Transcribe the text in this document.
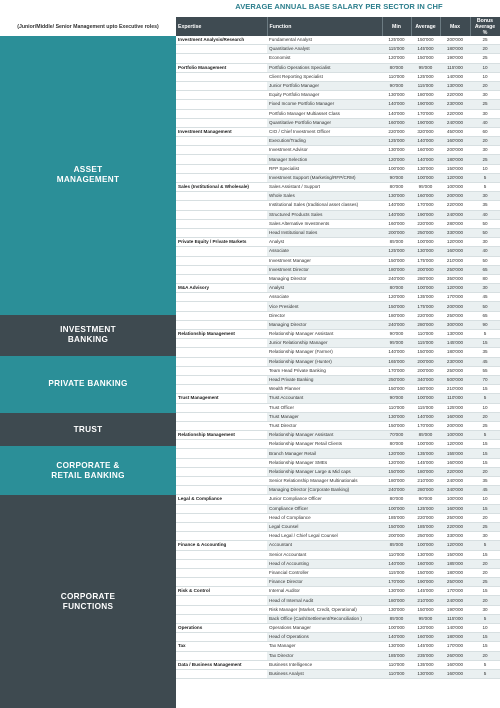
AVERAGE ANNUAL BASE SALARY PER SECTOR IN CHF
(Junior/Middle/ Senior Management upto Executive roles)
ASSET
MANAGEMENT
INVESTMENT
BANKING
PRIVATE BANKING
TRUST
CORPORATE &
RETAIL BANKING
CORPORATE
FUNCTIONS
Expertise	Function	Min	Average	Max	Bonus Average %
Investment Analysis/Research	Fundamental Analyst	125'000	150'000	200'000	25
	Quantitative Analyst	115'000	145'000	180'000	20
	Economist	120'000	150'000	190'000	25
Portfolio Management	Portfolio Operations Specialist	80'000	95'000	115'000	10
	Client Reporting Specialist	110'000	125'000	140'000	10
	Junior Portfolio Manager	90'000	115'000	130'000	20
	Equity Portfolio Manager	130'000	180'000	220'000	30
	Fixed Income Portfolio Manager	140'000	190'000	230'000	25
	Portfolio Manager Multiasset Class	140'000	170'000	220'000	30
	Quantitative Portfolio Manager	160'000	190'000	240'000	40
Investment Management	CIO / Chief Investment Officer	220'000	320'000	450'000	60
	Execution/Trading	125'000	140'000	160'000	20
	Investment Advisor	130'000	160'000	200'000	30
	Manager Selection	120'000	140'000	180'000	25
	RFP Specialist	100'000	130'000	150'000	10
	Investment Support (Marketing/RFP/CRM)	90'000	100'000	120'000	5
Sales (Institutional & Wholesale)	Sales Assistant / Support	80'000	95'000	100'000	5
	Whole Sales	130'000	160'000	200'000	30
	Institutional Sales (traditional asset classes)	140'000	170'000	220'000	35
	Structured Products Sales	140'000	190'000	240'000	40
	Sales Alternative Investments	160'000	220'000	280'000	50
	Head Institutional Sales	200'000	250'000	330'000	50
Private Equity / Private Markets	Analyst	85'000	100'000	120'000	30
	Associate	125'000	130'000	160'000	40
	Investment Manager	150'000	175'000	210'000	50
	Investment Director	180'000	200'000	250'000	65
	Managing Director	240'000	280'000	350'000	80
M&A Advisory	Analyst	80'000	100'000	120'000	30
	Associate	120'000	135'000	170'000	45
	Vice President	150'000	175'000	200'000	50
	Director	180'000	220'000	250'000	65
	Managing Director	240'000	280'000	300'000	90
Relationship Management	Relationship Manager Assistant	90'000	110'000	130'000	5
	Junior Relationship Manager	95'000	115'000	145'000	15
	Relationship Manager (Farmer)	140'000	150'000	180'000	35
	Relationship Manager (Hunter)	165'000	200'000	230'000	45
	Team Head Private Banking	170'000	200'000	250'000	55
	Head Private Banking	250'000	340'000	500'000	70
	Wealth Planner	150'000	180'000	210'000	15
Trust Management	Trust Accountant	90'000	100'000	110'000	5
	Trust Officer	110'000	115'000	125'000	10
	Trust Manager	130'000	140'000	160'000	20
	Trust Director	150'000	170'000	200'000	25
Relationship Management	Relationship Manager Assistant	70'000	85'000	100'000	5
	Relationship Manager Retail Clients	80'000	100'000	120'000	15
	Branch Manager Retail	120'000	135'000	155'000	15
	Relationship Manager SMEs	120'000	145'000	160'000	15
	Relationship Manager Large & Mid caps	150'000	180'000	220'000	20
	Senior Relationship Manager Multinationals	180'000	210'000	240'000	35
	Managing Director (Corporate Banking)	240'000	280'000	340'000	45
Legal & Compliance	Junior Compliance Officer	80'000	90'000	100'000	10
	Compliance Officer	100'000	125'000	160'000	15
	Head of Compliance	185'000	220'000	250'000	20
	Legal Counsel	150'000	185'000	220'000	25
	Head Legal / Chief Legal Counsel	200'000	250'000	330'000	30
Finance & Accounting	Accountant	85'000	100'000	120'000	5
	Senior Accountant	110'000	130'000	150'000	15
	Head of Accounting	140'000	160'000	185'000	20
	Financial Controller	115'000	150'000	180'000	20
	Finance Director	170'000	190'000	250'000	25
Risk & Control	Internal Auditor	130'000	145'000	170'000	15
	Head of Internal Audit	180'000	210'000	240'000	20
	Risk Manager (Market, Credit, Operational)	130'000	150'000	190'000	30
	Back Office (Cash/Settlement/Reconciliation )	85'000	95'000	115'000	5
Operations	Operations Manager	100'000	120'000	140'000	10
	Head of Operations	140'000	160'000	180'000	15
Tax	Tax Manager	130'000	145'000	170'000	15
	Tax Director	185'000	235'000	260'000	20
Data / Business Management	Business Intelligence	110'000	135'000	160'000	5
	Business Analyst	110'000	130'000	160'000	5
